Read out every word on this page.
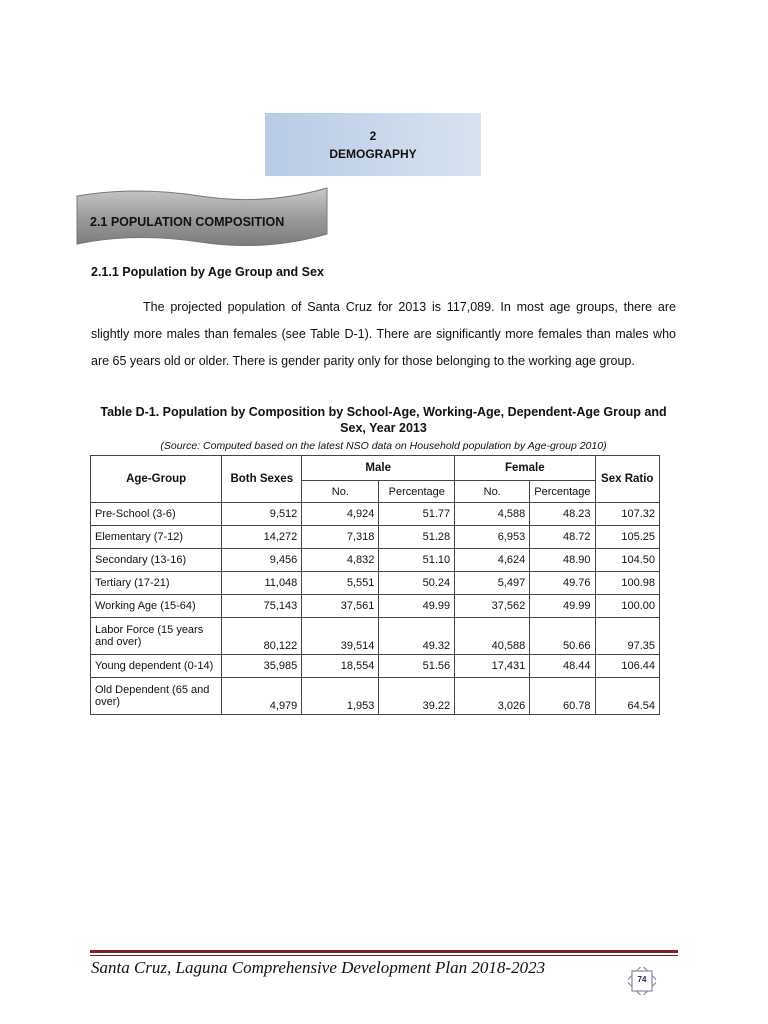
2
DEMOGRAPHY
2.1 POPULATION COMPOSITION
2.1.1 Population by Age Group and Sex

The projected population of Santa Cruz for 2013 is 117,089. In most age groups, there are slightly more males than females (see Table D-1). There are significantly more females than males who are 65 years old or older. There is gender parity only for those belonging to the working age group.

Table D-1. Population by Composition by School-Age, Working-Age, Dependent-Age Group and Sex, Year 2013
(Source: Computed based on the latest NSO data on Household population by Age-group 2010)
Age-Group	Both Sexes	Male		Female		Sex Ratio
		No.	Percentage	No.	Percentage	
Pre-School (3-6)	9,512	4,924	51.77	4,588	48.23	107.32
Elementary (7-12)	14,272	7,318	51.28	6,953	48.72	105.25
Secondary (13-16)	9,456	4,832	51.10	4,624	48.90	104.50
Tertiary (17-21)	11,048	5,551	50.24	5,497	49.76	100.98
Working Age (15-64)	75,143	37,561	49.99	37,562	49.99	100.00
Labor Force (15 years and over)	80,122	39,514	49.32	40,588	50.66	97.35
Young dependent (0-14)	35,985	18,554	51.56	17,431	48.44	106.44
Old Dependent (65 and over)	4,979	1,953	39.22	3,026	60.78	64.54
Santa Cruz, Laguna Comprehensive Development Plan 2018-2023
74
